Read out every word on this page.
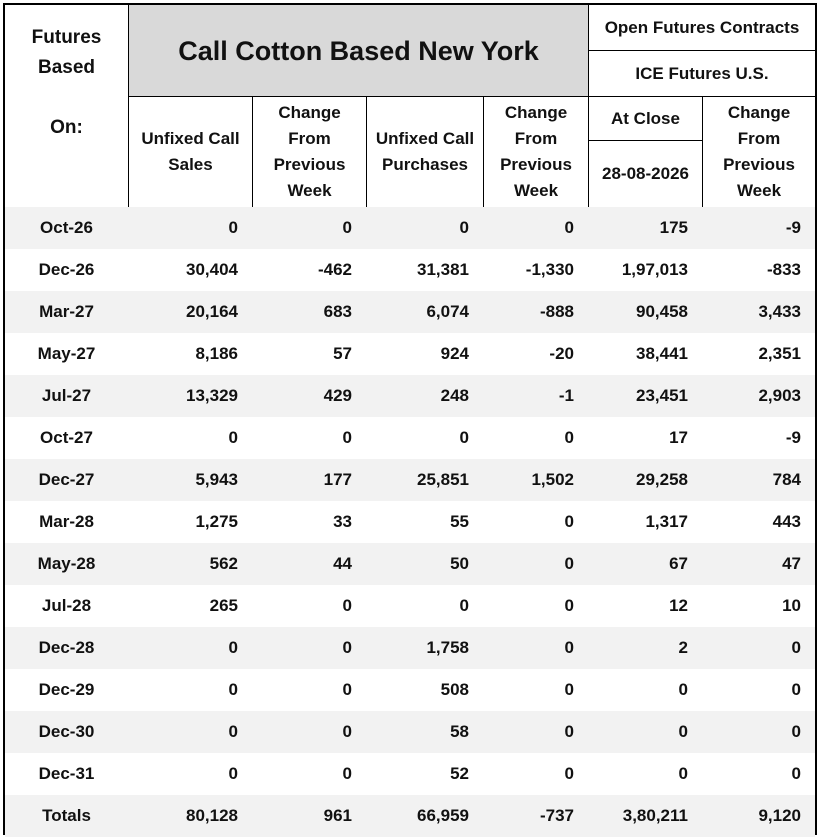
Futures
Based

On:
Call Cotton Based New York
Open Futures Contracts
ICE Futures U.S.
Unfixed Call
Sales
Change
From
Previous
Week
Unfixed Call
Purchases
Change
From
Previous
Week
At Close
28-08-2026
Change
From
Previous
Week
Oct-26	0	0	0	0	175	-9
Dec-26	30,404	-462	31,381	-1,330	1,97,013	-833
Mar-27	20,164	683	6,074	-888	90,458	3,433
May-27	8,186	57	924	-20	38,441	2,351
Jul-27	13,329	429	248	-1	23,451	2,903
Oct-27	0	0	0	0	17	-9
Dec-27	5,943	177	25,851	1,502	29,258	784
Mar-28	1,275	33	55	0	1,317	443
May-28	562	44	50	0	67	47
Jul-28	265	0	0	0	12	10
Dec-28	0	0	1,758	0	2	0
Dec-29	0	0	508	0	0	0
Dec-30	0	0	58	0	0	0
Dec-31	0	0	52	0	0	0
Totals	80,128	961	66,959	-737	3,80,211	9,120
